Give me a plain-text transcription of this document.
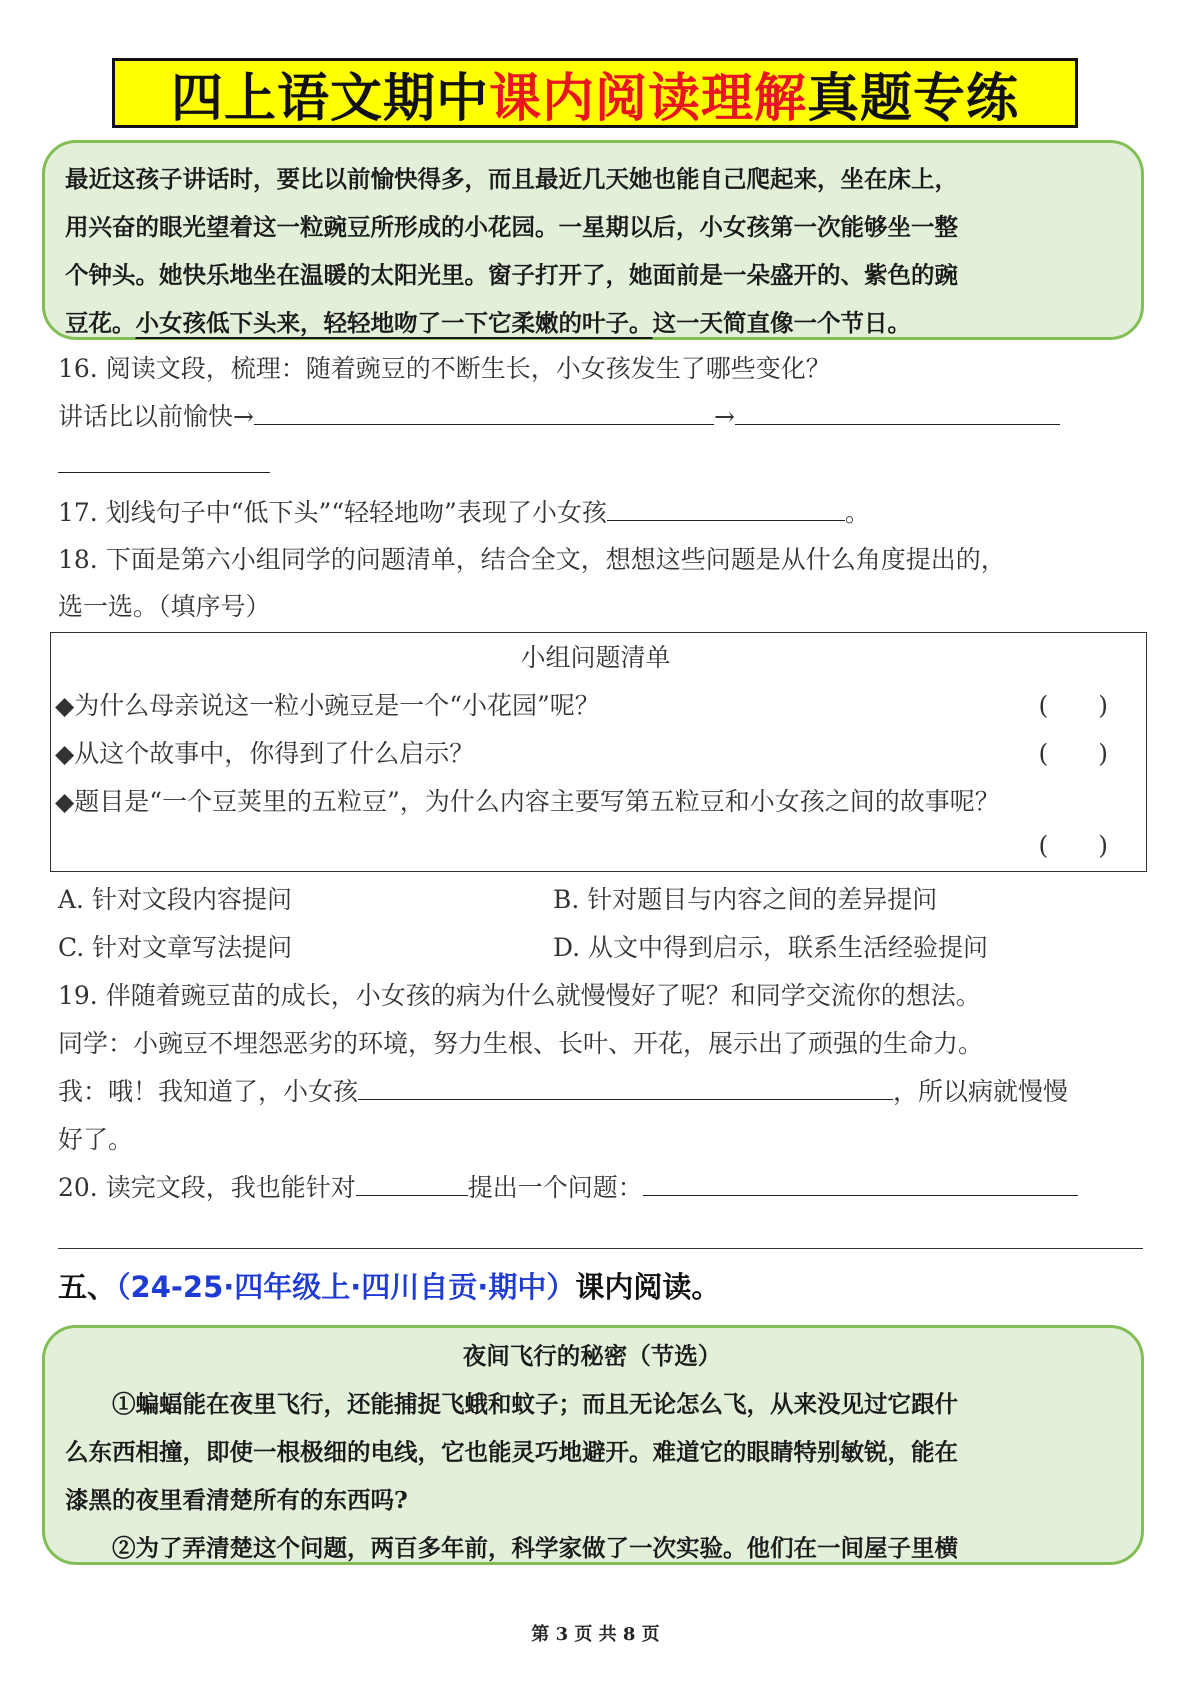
四上语文期中 课内阅读理解 真题专练

最近这孩子讲话时，要比以前愉快得多，而且最近几天她也能自己爬起来，坐在床上，

用兴奋的眼光望着这一粒豌豆所形成的小花园。一星期以后，小女孩第一次能够坐一整

个钟头。她快乐地坐在温暖的太阳光里。窗子打开了，她面前是一朵盛开的、紫色的豌

豆花。小女孩低下头来，轻轻地吻了一下它柔嫩的叶子。这一天简直像一个节日。

16. 阅读文段，梳理：随着豌豆的不断生长，小女孩发生了哪些变化？
讲话比以前愉快→	→
17. 划线句子中“低下头”“轻轻地吻”表现了小女孩	。
18. 下面是第六小组同学的问题清单，结合全文，想想这些问题是从什么角度提出的，
选一选。（填序号）
小组问题清单
◆为什么母亲说这一粒小豌豆是一个“小花园”呢？	(　　)
◆从这个故事中，你得到了什么启示？	(　　)
◆题目是“一个豆荚里的五粒豆”，为什么内容主要写第五粒豆和小女孩之间的故事呢？
(　　)
A. 针对文段内容提问	B. 针对题目与内容之间的差异提问
C. 针对文章写法提问	D. 从文中得到启示，联系生活经验提问
19. 伴随着豌豆苗的成长，小女孩的病为什么就慢慢好了呢？和同学交流你的想法。
同学：小豌豆不埋怨恶劣的环境，努力生根、长叶、开花，展示出了顽强的生命力。
我：哦！我知道了，小女孩	，所以病就慢慢
好了。
20. 读完文段，我也能针对	提出一个问题：
五、（24-25·四年级上·四川自贡·期中）课内阅读。

夜间飞行的秘密（节选）

①蝙蝠能在夜里飞行，还能捕捉飞蛾和蚊子；而且无论怎么飞，从来没见过它跟什

么东西相撞，即使一根极细的电线，它也能灵巧地避开。难道它的眼睛特别敏锐，能在

漆黑的夜里看清楚所有的东西吗?

②为了弄清楚这个问题，两百多年前，科学家做了一次实验。他们在一间屋子里横

第 3 页 共 8 页
